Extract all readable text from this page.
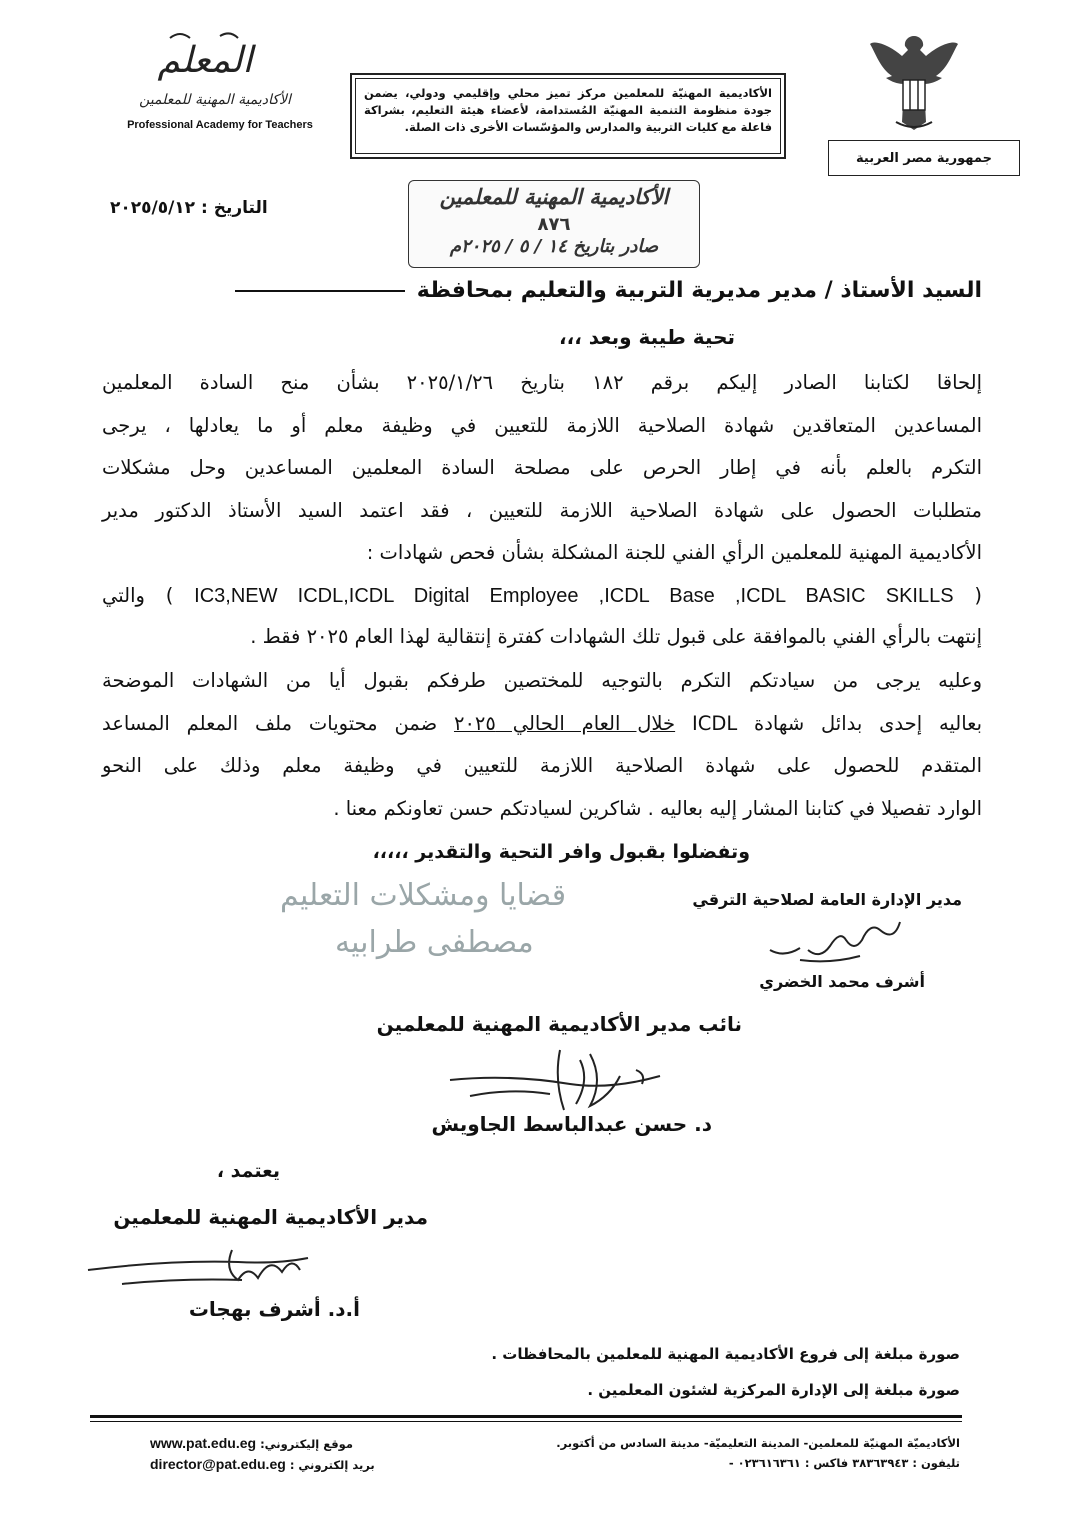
جمهورية مصر العربية
الأكاديمية المهنيّة للمعلمين مركز تميز محلي وإقليمي ودولي، يضمن جودة منظومة التنمية المهنيّة المُستدامة، لأعضاء هيئة التعليم، بشراكة فاعلة مع كليات التربية والمدارس والمؤسّسات الأخرى ذات الصلة.
المعلم
الأكاديمية المهنية للمعلمين
Professional Academy for Teachers
التاريخ : ٢٠٢٥/٥/١٢	الأكاديمية المهنية للمعلمين
٨٧٦
صادر بتاريخ ١٤ / ٥ / ٢٠٢٥م
السيد الأستاذ / مدير مديرية التربية والتعليم بمحافظة
تحية طيبة وبعد ،،،
إلحاقا لكتابنا الصادر إليكم برقم ١٨٢ بتاريخ ٢٠٢٥/١/٢٦ بشأن منح السادة المعلمين
المساعدين المتعاقدين شهادة الصلاحية اللازمة للتعيين في وظيفة معلم أو ما يعادلها ، يرجى
التكرم بالعلم بأنه في إطار الحرص على مصلحة السادة المعلمين المساعدين وحل مشكلات
متطلبات الحصول على شهادة الصلاحية اللازمة للتعيين ، فقد اعتمد السيد الأستاذ الدكتور مدير
الأكاديمية المهنية للمعلمين الرأي الفني للجنة المشكلة بشأن فحص شهادات :
( IC3,NEW ICDL,ICDL Digital Employee ,ICDL Base ,ICDL BASIC SKILLS ) والتي
إنتهت بالرأي الفني بالموافقة على قبول تلك الشهادات كفترة إنتقالية لهذا العام ٢٠٢٥ فقط .
وعليه يرجى من سيادتكم التكرم بالتوجيه للمختصين طرفكم بقبول أيا من الشهادات الموضحة
بعاليه إحدى بدائل شهادة ICDL خلال العام الحالي ٢٠٢٥ ضمن محتويات ملف المعلم المساعد
المتقدم للحصول على شهادة الصلاحية اللازمة للتعيين في وظيفة معلم وذلك على النحو
الوارد تفصيلا في كتابنا المشار إليه بعاليه . شاكرين لسيادتكم حسن تعاونكم معنا .
وتفضلوا بقبول وافر التحية والتقدير ،،،،،
قضايا ومشكلات التعليم
مصطفى طرابيه
مدير الإدارة العامة لصلاحية الترقي
أشرف محمد الخضري
نائب مدير الأكاديمية المهنية للمعلمين
د. حسن عبدالباسط الجاويش
يعتمد ،
مدير الأكاديمية المهنية للمعلمين
أ.د. أشرف بهجات
صورة مبلغة إلى فروع الأكاديمية المهنية للمعلمين بالمحافظات .
صورة مبلغة إلى الإدارة المركزية لشئون المعلمين .
الأكاديميّة المهنيّة للمعلمين- المدينة التعليميّة- مدينة السادس من أكتوبر.
تليفون : ٣٨٣٦٣٩٤٣ فاكس : ٠٢٣٦١٦٣٦١ -
www.pat.edu.eg موقع إليكتروني:
director@pat.edu.eg بريد إلكتروني :
